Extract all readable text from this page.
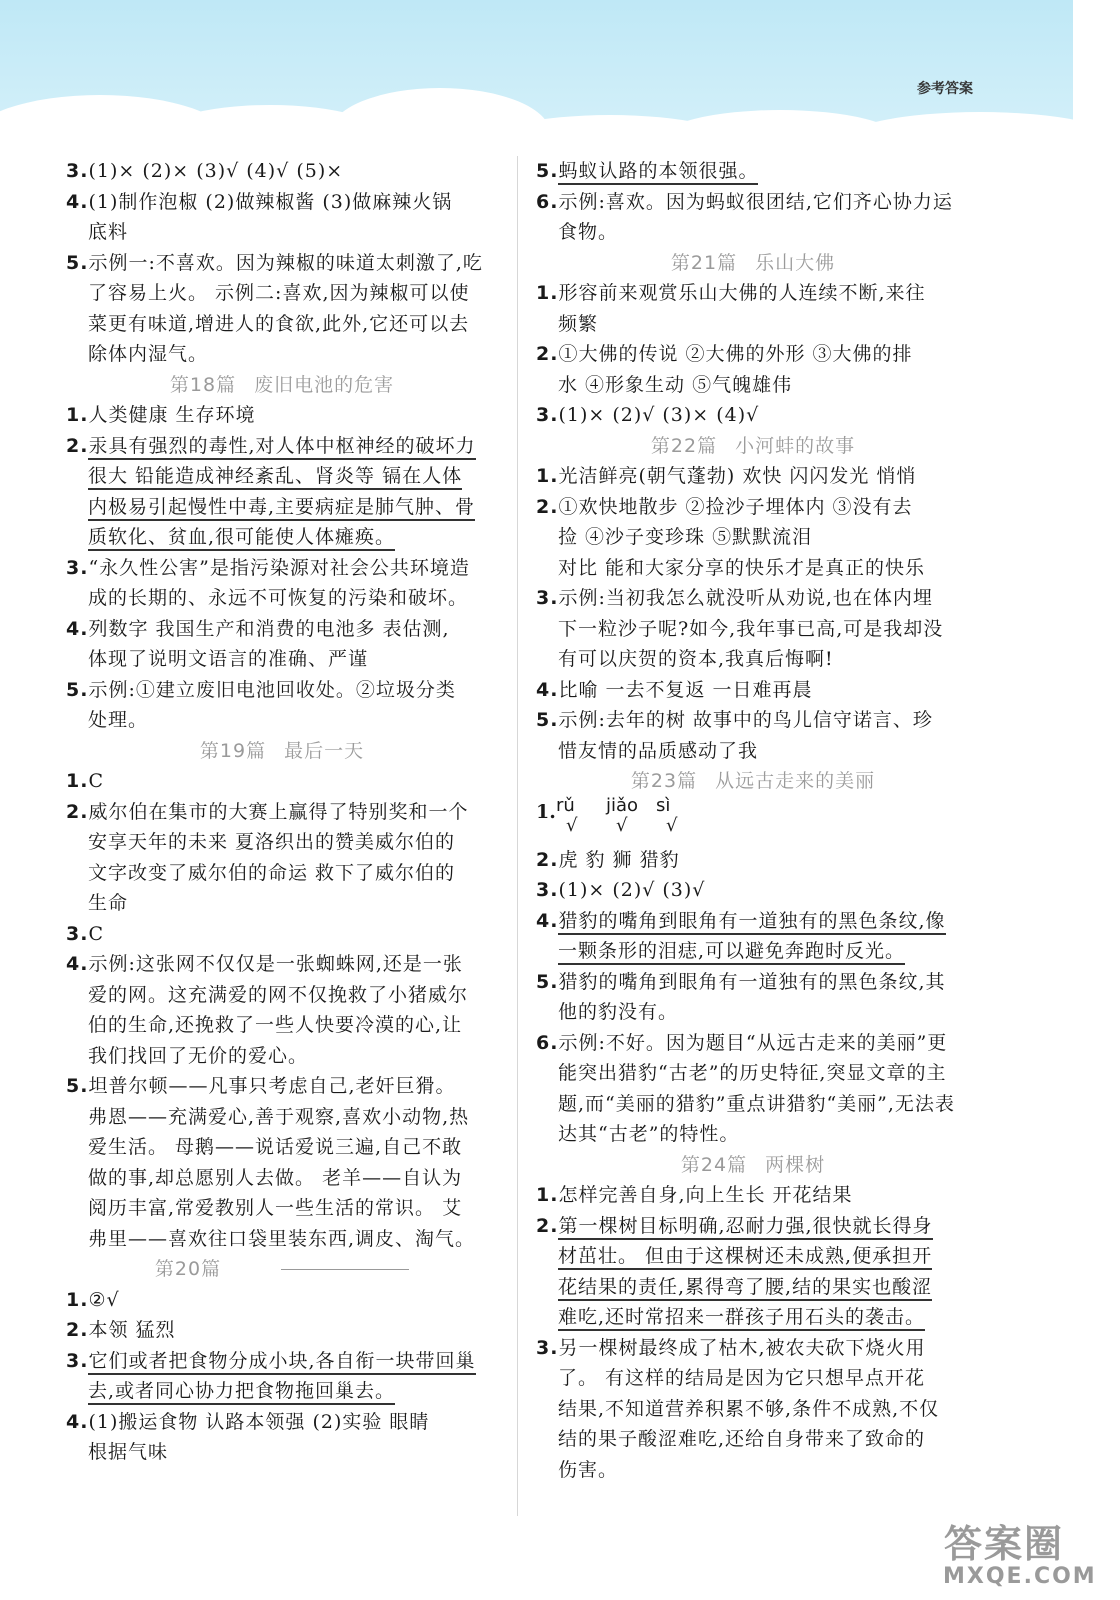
参考答案
3.(1)× (2)× (3)√ (4)√ (5)×
4.(1)制作泡椒 (2)做辣椒酱 (3)做麻辣火锅
底料
5.示例一:不喜欢。因为辣椒的味道太刺激了,吃
了容易上火。 示例二:喜欢,因为辣椒可以使
菜更有味道,增进人的食欲,此外,它还可以去
除体内湿气。
第18篇 废旧电池的危害
1.人类健康 生存环境
2.汞具有强烈的毒性,对人体中枢神经的破坏力
很大 铅能造成神经紊乱、肾炎等 镉在人体
内极易引起慢性中毒,主要病症是肺气肿、骨
质软化、贫血,很可能使人体瘫痪。
3.“永久性公害”是指污染源对社会公共环境造
成的长期的、永远不可恢复的污染和破坏。
4.列数字 我国生产和消费的电池多 表估测,
体现了说明文语言的准确、严谨
5.示例:①建立废旧电池回收处。②垃圾分类
处理。
第19篇 最后一天
1.C
2.威尔伯在集市的大赛上赢得了特别奖和一个
安享天年的未来 夏洛织出的赞美威尔伯的
文字改变了威尔伯的命运 救下了威尔伯的
生命
3.C
4.示例:这张网不仅仅是一张蜘蛛网,还是一张
爱的网。这充满爱的网不仅挽救了小猪威尔
伯的生命,还挽救了一些人快要冷漠的心,让
我们找回了无价的爱心。
5.坦普尔顿——凡事只考虑自己,老奸巨猾。
弗恩——充满爱心,善于观察,喜欢小动物,热
爱生活。 母鹅——说话爱说三遍,自己不敢
做的事,却总愿别人去做。 老羊——自认为
阅历丰富,常爱教别人一些生活的常识。 艾
弗里——喜欢往口袋里装东西,调皮、淘气。
第20篇
1.②√
2.本领 猛烈
3.它们或者把食物分成小块,各自衔一块带回巢
去,或者同心协力把食物拖回巢去。
4.(1)搬运食物 认路本领强 (2)实验 眼睛
根据气味
5.蚂蚁认路的本领很强。
6.示例:喜欢。因为蚂蚁很团结,它们齐心协力运
食物。
第21篇 乐山大佛
1.形容前来观赏乐山大佛的人连续不断,来往
频繁
2.①大佛的传说 ②大佛的外形 ③大佛的排
水 ④形象生动 ⑤气魄雄伟
3.(1)× (2)√ (3)× (4)√
第22篇 小河蚌的故事
1.光洁鲜亮(朝气蓬勃) 欢快 闪闪发光 悄悄
2.①欢快地散步 ②捡沙子埋体内 ③没有去
捡 ④沙子变珍珠 ⑤默默流泪
对比 能和大家分享的快乐才是真正的快乐
3.示例:当初我怎么就没听从劝说,也在体内埋
下一粒沙子呢?如今,我年事已高,可是我却没
有可以庆贺的资本,我真后悔啊!
4.比喻 一去不复返 一日难再晨
5.示例:去年的树 故事中的鸟儿信守诺言、珍
惜友情的品质感动了我
第23篇 从远古走来的美丽
1. rǔ
√
jiǎo
√
sì
√
2.虎 豹 狮 猎豹
3.(1)× (2)√ (3)√
4.猎豹的嘴角到眼角有一道独有的黑色条纹,像
一颗条形的泪痣,可以避免奔跑时反光。
5.猎豹的嘴角到眼角有一道独有的黑色条纹,其
他的豹没有。
6.示例:不好。因为题目“从远古走来的美丽”更
能突出猎豹“古老”的历史特征,突显文章的主
题,而“美丽的猎豹”重点讲猎豹“美丽”,无法表
达其“古老”的特性。
第24篇 两棵树
1.怎样完善自身,向上生长 开花结果
2.第一棵树目标明确,忍耐力强,很快就长得身
材茁壮。 但由于这棵树还未成熟,便承担开
花结果的责任,累得弯了腰,结的果实也酸涩
难吃,还时常招来一群孩子用石头的袭击。
3.另一棵树最终成了枯木,被农夫砍下烧火用
了。 有这样的结局是因为它只想早点开花
结果,不知道营养积累不够,条件不成熟,不仅
结的果子酸涩难吃,还给自身带来了致命的
伤害。
答案圈
MXQE.COM
